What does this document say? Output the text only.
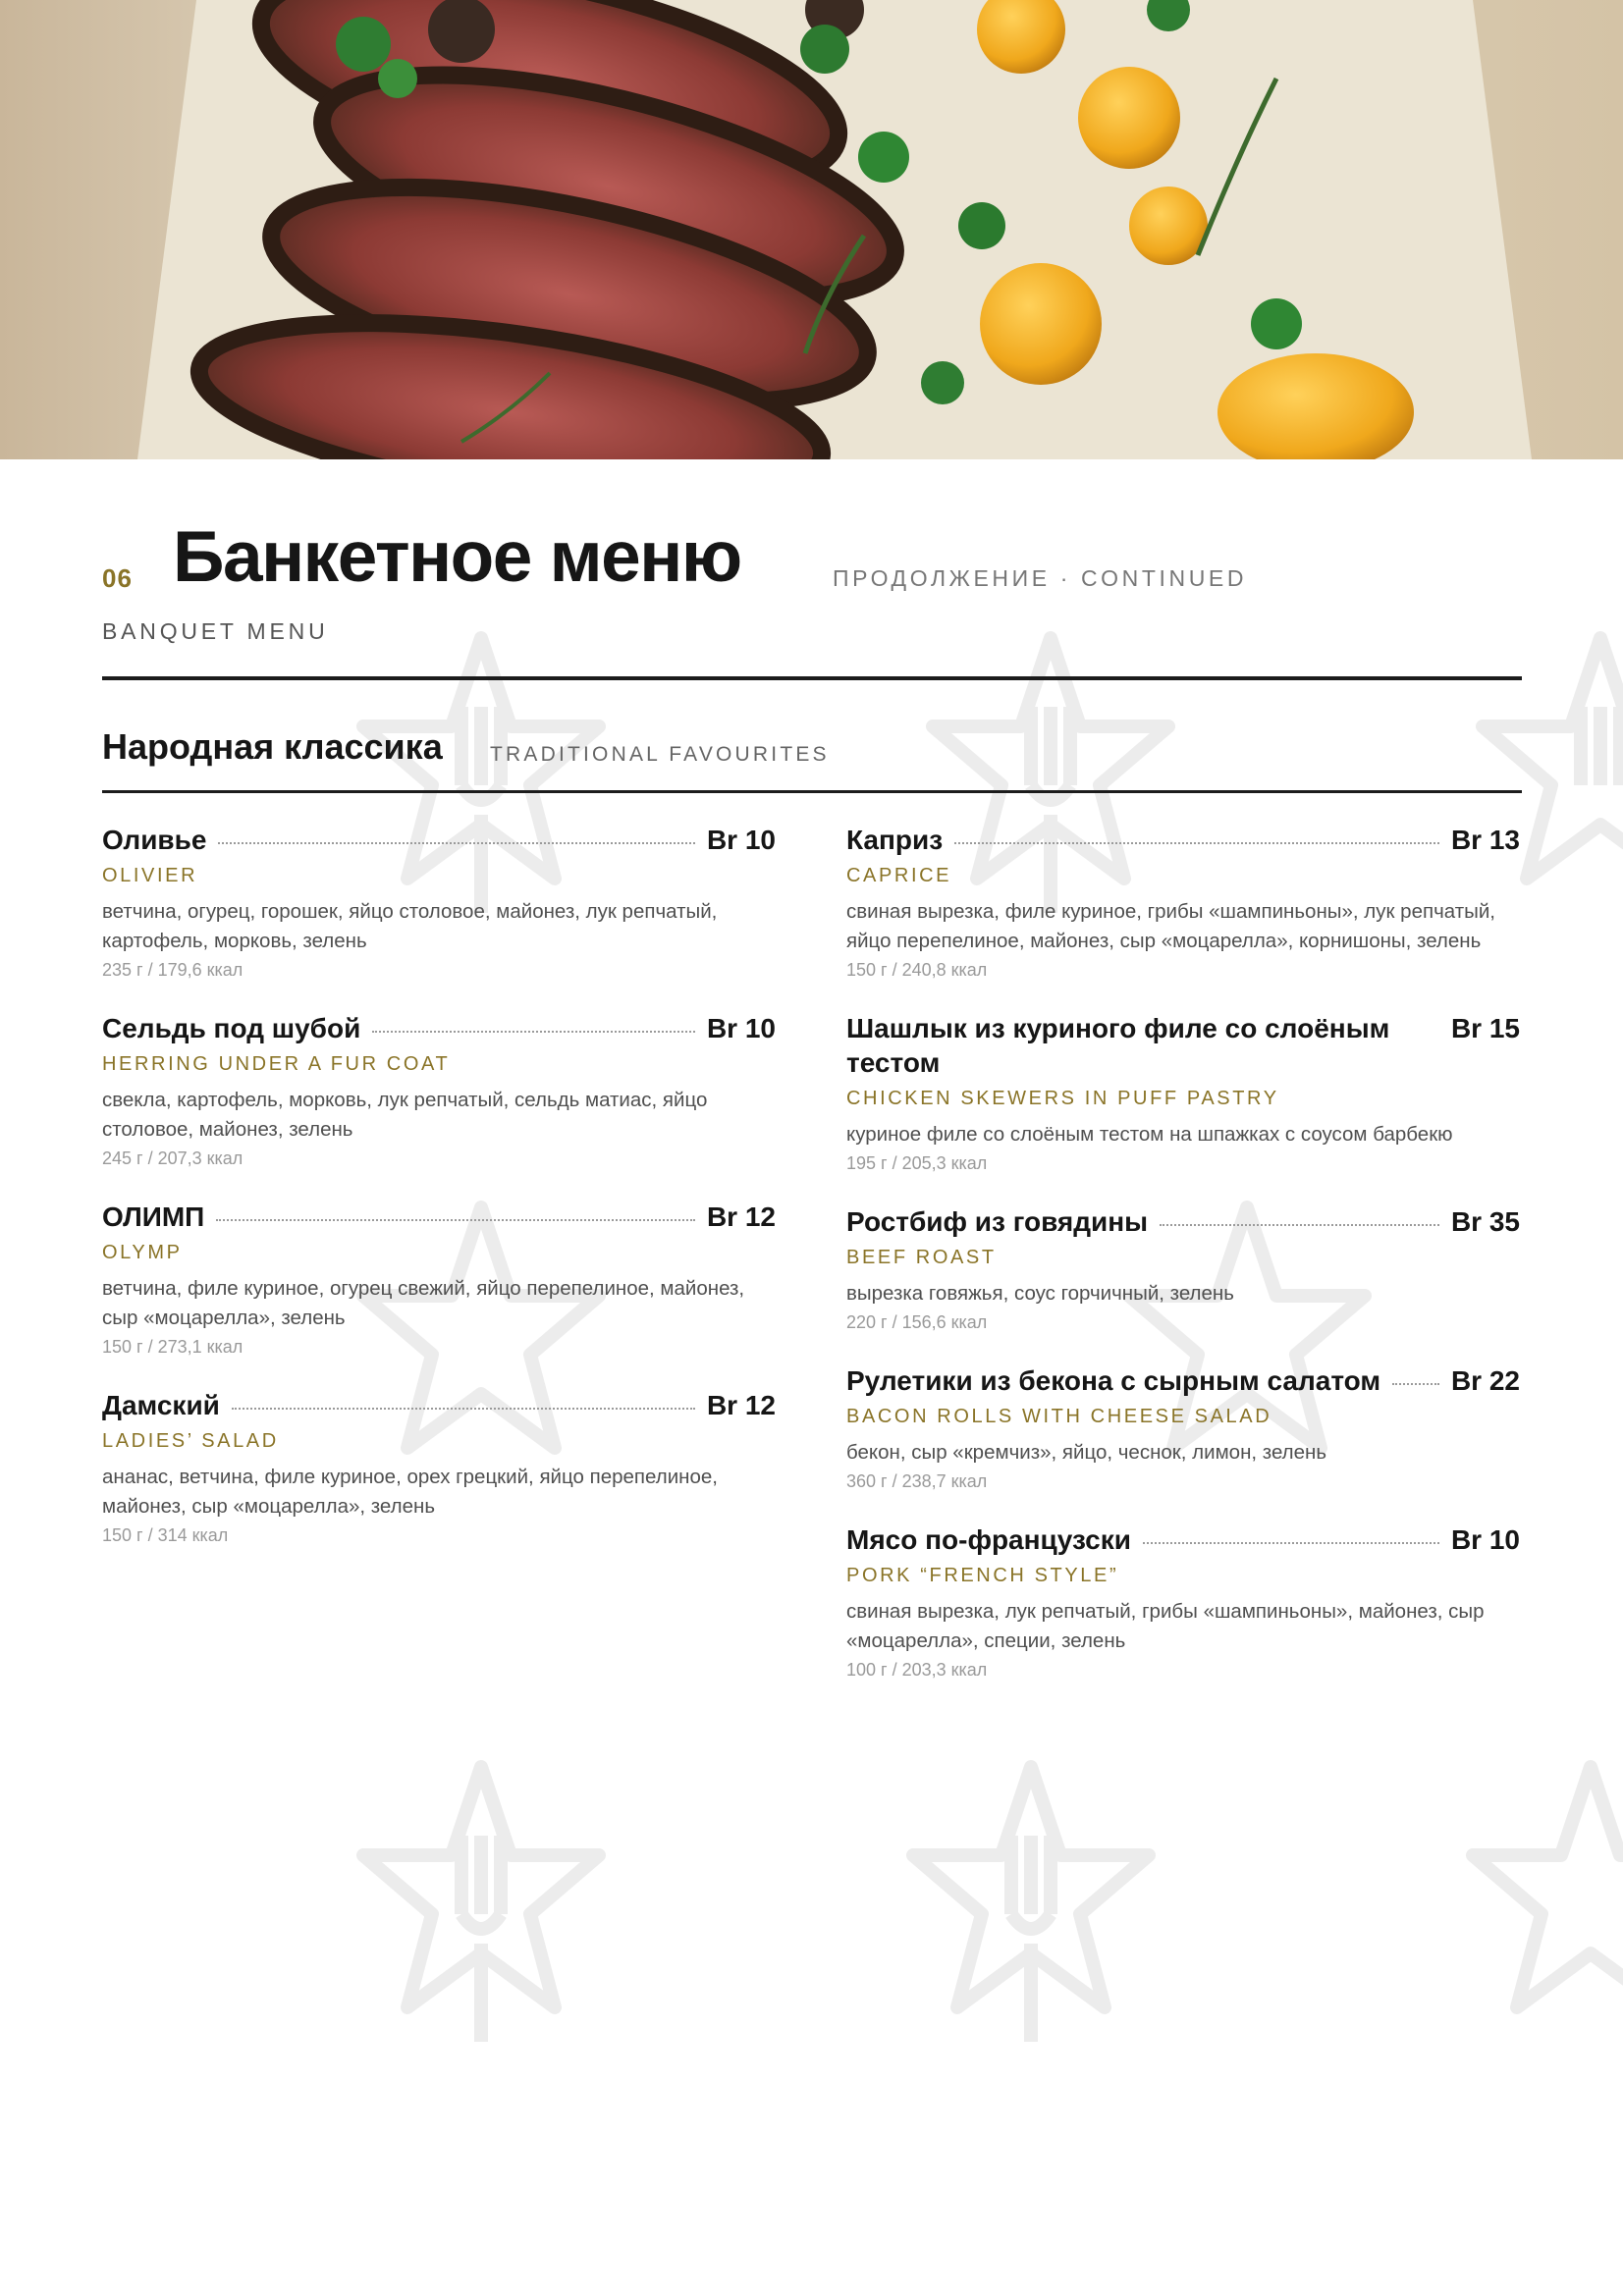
06 Банкетное меню	ПРОДОЛЖЕНИЕ · CONTINUED
BANQUET MENU
Народная классика TRADITIONAL FAVOURITES
Оливье	Br 10
OLIVIER
ветчина, огурец, горошек, яйцо столовое, майонез, лук репчатый, картофель, морковь, зелень
235 г / 179,6 ккал
Сельдь под шубой	Br 10
HERRING UNDER A FUR COAT
свекла, картофель, морковь, лук репчатый, сельдь матиас, яйцо столовое, майонез, зелень
245 г / 207,3 ккал
ОЛИМП	Br 12
OLYMP
ветчина, филе куриное, огурец свежий, яйцо перепелиное, майонез, сыр «моцарелла», зелень
150 г / 273,1 ккал
Дамский	Br 12
LADIES’ SALAD
ананас, ветчина, филе куриное, орех грецкий, яйцо перепелиное, майонез, сыр «моцарелла», зелень
150 г / 314 ккал
Каприз	Br 13
CAPRICE
свиная вырезка, филе куриное, грибы «шампиньоны», лук репчатый, яйцо перепелиное, майонез, сыр «моцарелла», корнишоны, зелень
150 г / 240,8 ккал
Шашлык из куриного филе со слоёным тестом
Br 15
CHICKEN SKEWERS IN PUFF PASTRY
куриное филе со слоёным тестом на шпажках с соусом барбекю
195 г / 205,3 ккал
Ростбиф из говядины	Br 35
BEEF ROAST
вырезка говяжья, соус горчичный, зелень
220 г / 156,6 ккал
Рулетики из бекона с сырным салатом	Br 22
BACON ROLLS WITH CHEESE SALAD
бекон, сыр «кремчиз», яйцо, чеснок, лимон, зелень
360 г / 238,7 ккал
Мясо по-французски	Br 10
PORK “FRENCH STYLE”
свиная вырезка, лук репчатый, грибы «шампиньоны», майонез, сыр «моцарелла», специи, зелень
100 г / 203,3 ккал
